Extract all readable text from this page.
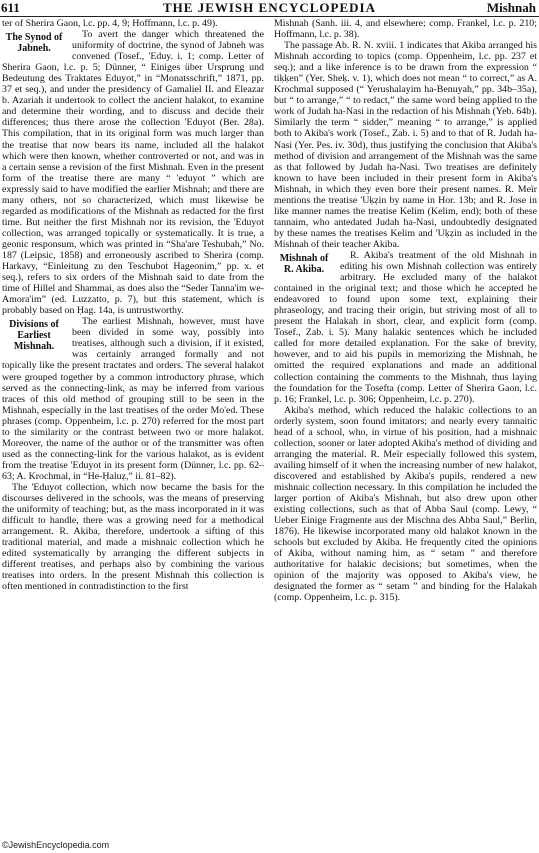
611	THE JEWISH ENCYCLOPEDIA	Mishnah

ter of Sherira Gaon, l.c. pp. 4, 9; Hoffmann, l.c. p. 49).

The Synod of Jabneh.

To avert the danger which threatened the uniformity of doctrine, the synod of Jabneh was convened (Tosef., 'Eduy. i. 1; comp. Letter of Sherira Gaon, l.c. p. 5; Dünner, “ Einiges über Ursprung und Bedeutung des Traktates Eduyot,” in “Monatsschrift,” 1871, pp. 37 et seq.), and under the presidency of Gamaliel II. and Eleazar b. Azariah it undertook to collect the ancient halakot, to examine and determine their wording, and to discuss and decide their differences; thus there arose the collection 'Eduyot (Ber. 28a). This compilation, that in its original form was much larger than the treatise that now bears its name, included all the halakot which were then known, whether controverted or not, and was in a certain sense a revision of the first Mishnah. Even in the present form of the treatise there are many “ 'eduyot ” which are expressly said to have modified the earlier Mishnah; and there are many others, not so characterized, which must likewise be regarded as modifications of the Mishnah as redacted for the first time. But neither the first Mishnah nor its revision, the 'Eduyot collection, was arranged topically or systematically. It is true, a geonic responsum, which was printed in “Sha'are Teshubah,” No. 187 (Leipsic, 1858) and erroneously ascribed to Sherira (comp. Harkavy, “Einleitung zu den Teschubot Hageonim,” pp. x. et seq.), refers to six orders of the Mishnah said to date from the time of Hillel and Shammai, as does also the “Seder Tanna'im we-Amora'im” (ed. Luzzatto, p. 7), but this statement, which is probably based on Ḥag. 14a, is untrustworthy.

Divisions of Earliest Mishnah.

The earliest Mishnah, however, must have been divided in some way, possibly into treatises, although such a division, if it existed, was certainly arranged formally and not topically like the present tractates and orders. The several halakot were grouped together by a common introductory phrase, which served as the connecting-link, as may be inferred from various traces of this old method of grouping still to be seen in the Mishnah, especially in the last treatises of the order Mo'ed. These phrases (comp. Oppenheim, l.c. p. 270) referred for the most part to the similarity or the contrast between two or more halakot. Moreover, the name of the author or of the transmitter was often used as the connecting-link for the various halakot, as is evident from the treatise 'Eduyot in its present form (Dünner, l.c. pp. 62–63; A. Krochmal, in “He-Ḥaluẓ,” ii. 81–82).

The 'Eduyot collection, which now became the basis for the discourses delivered in the schools, was the means of preserving the uniformity of teaching; but, as the mass incorporated in it was difficult to handle, there was a growing need for a methodical arrangement. R. Akiba, therefore, undertook a sifting of this traditional material, and made a mishnaic collection which he edited systematically by arranging the different subjects in different treatises, and perhaps also by combining the various treatises into orders. In the present Mishnah this collection is often mentioned in contradistinction to the first

Mishnah (Sanh. iii. 4, and elsewhere; comp. Frankel, l.c. p. 210; Hoffmann, l.c. p. 38).

The passage Ab. R. N. xviii. 1 indicates that Akiba arranged his Mishnah according to topics (comp. Oppenheim, l.c. pp. 237 et seq.); and a like inference is to be drawn from the expression “ tiḳḳen” (Yer. Sheḳ. v. 1), which does not mean “ to correct,” as A. Krochmal supposed (“ Yerushalayim ha-Benuyah,” pp. 34b–35a), but “ to arrange,” “ to redact,” the same word being applied to the work of Judah ha-Nasi in the redaction of his Mishnah (Yeb. 64b). Similarly the term “ sidder,” meaning “ to arrange,” is applied both to Akiba's work (Tosef., Zab. i. 5) and to that of R. Judah ha-Nasi (Yer. Pes. iv. 30d), thus justifying the conclusion that Akiba's method of division and arrangement of the Mishnah was the same as that followed by Judah ha-Nasi. Two treatises are definitely known to have been included in their present form in Akiba's Mishnah, in which they even bore their present names. R. Meïr mentions the treatise 'Uḳẓin by name in Hor. 13b; and R. Jose in like manner names the treatise Kelim (Kelim, end); both of these tannaim, who antedated Judah ha-Nasi, undoubtedly designated by these names the treatises Kelim and 'Uḳẓin as included in the Mishnah of their teacher Akiba.

Mishnah of R. Akiba.

R. Akiba's treatment of the old Mishnah in editing his own Mishnah collection was entirely arbitrary. He excluded many of the halakot contained in the original text; and those which he accepted he endeavored to found upon some text, explaining their phraseology, and tracing their origin, but striving most of all to present the Halakah in short, clear, and explicit form (comp. Tosef., Zab. i. 5). Many halakic sentences which he included called for more detailed explanation. For the sake of brevity, however, and to aid his pupils in memorizing the Mishnah, he omitted the required explanations and made an additional collection containing the comments to the Mishnah, thus laying the foundation for the Tosefta (comp. Letter of Sherira Gaon, l.c. p. 16; Frankel, l.c. p. 306; Oppenheim, l.c. p. 270).

Akiba's method, which reduced the halakic collections to an orderly system, soon found imitators; and nearly every tannaitic head of a school, who, in virtue of his position, had a mishnaic collection, sooner or later adopted Akiba's method of dividing and arranging the material. R. Meïr especially followed this system, availing himself of it when the increasing number of new halakot, discovered and established by Akiba's pupils, rendered a new mishnaic collection necessary. In this compilation he included the larger portion of Akiba's Mishnah, but also drew upon other existing collections, such as that of Abba Saul (comp. Lewy, “ Ueber Einige Fragmente aus der Mischna des Abba Saul,” Berlin, 1876). He likewise incorporated many old halakot known in the schools but excluded by Akiba. He frequently cited the opinions of Akiba, without naming him, as “ setam ” and therefore authoritative for halakic decisions; but sometimes, when the opinion of the majority was opposed to Akiba's view, he designated the former as “ setam ” and binding for the Halakah (comp. Oppenheim, l.c. p. 315).

©JewishEncyclopedia.com
